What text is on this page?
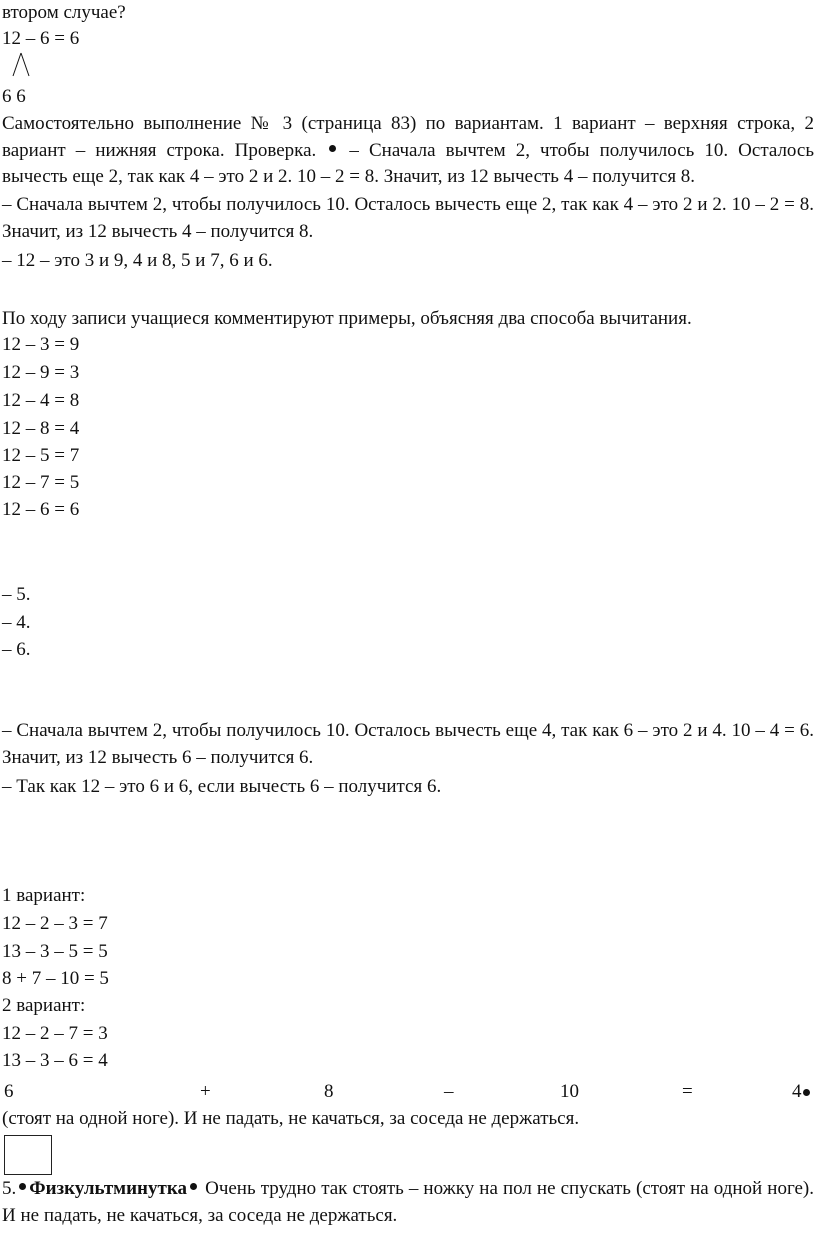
втором случае?
12 – 6 = 6
6 6
Самостоятельно выполнение № 3 (страница 83) по вариантам. 1 вариант – верхняя строка, 2 вариант – нижняя строка. Проверка. – Сначала вычтем 2, чтобы получилось 10. Осталось вычесть еще 2, так как 4 – это 2 и 2. 10 – 2 = 8. Значит, из 12 вычесть 4 – получится 8.
– Сначала вычтем 2, чтобы получилось 10. Осталось вычесть еще 2, так как 4 – это 2 и 2. 10 – 2 = 8. Значит, из 12 вычесть 4 – получится 8.
– 12 – это 3 и 9, 4 и 8, 5 и 7, 6 и 6.
По ходу записи учащиеся комментируют примеры, объясняя два способа вычитания.
12 – 3 = 9
12 – 9 = 3
12 – 4 = 8
12 – 8 = 4
12 – 5 = 7
12 – 7 = 5
12 – 6 = 6
– 5.
– 4.
– 6.
– Сначала вычтем 2, чтобы получилось 10. Осталось вычесть еще 4, так как 6 – это 2 и 4. 10 – 4 = 6. Значит, из 12 вычесть 6 – получится 6.
– Так как 12 – это 6 и 6, если вычесть 6 – получится 6.
1 вариант:
12 – 2 – 3 = 7
13 – 3 – 5 = 5
8 + 7 – 10 = 5
2 вариант:
12 – 2 – 7 = 3
13 – 3 – 6 = 4
6	+	8	–	10	=	4
(стоят на одной ноге). И не падать, не качаться, за соседа не держаться.
5. Физкультминутка Очень трудно так стоять – ножку на пол не спускать (стоят на одной ноге). И не падать, не качаться, за соседа не держаться.
